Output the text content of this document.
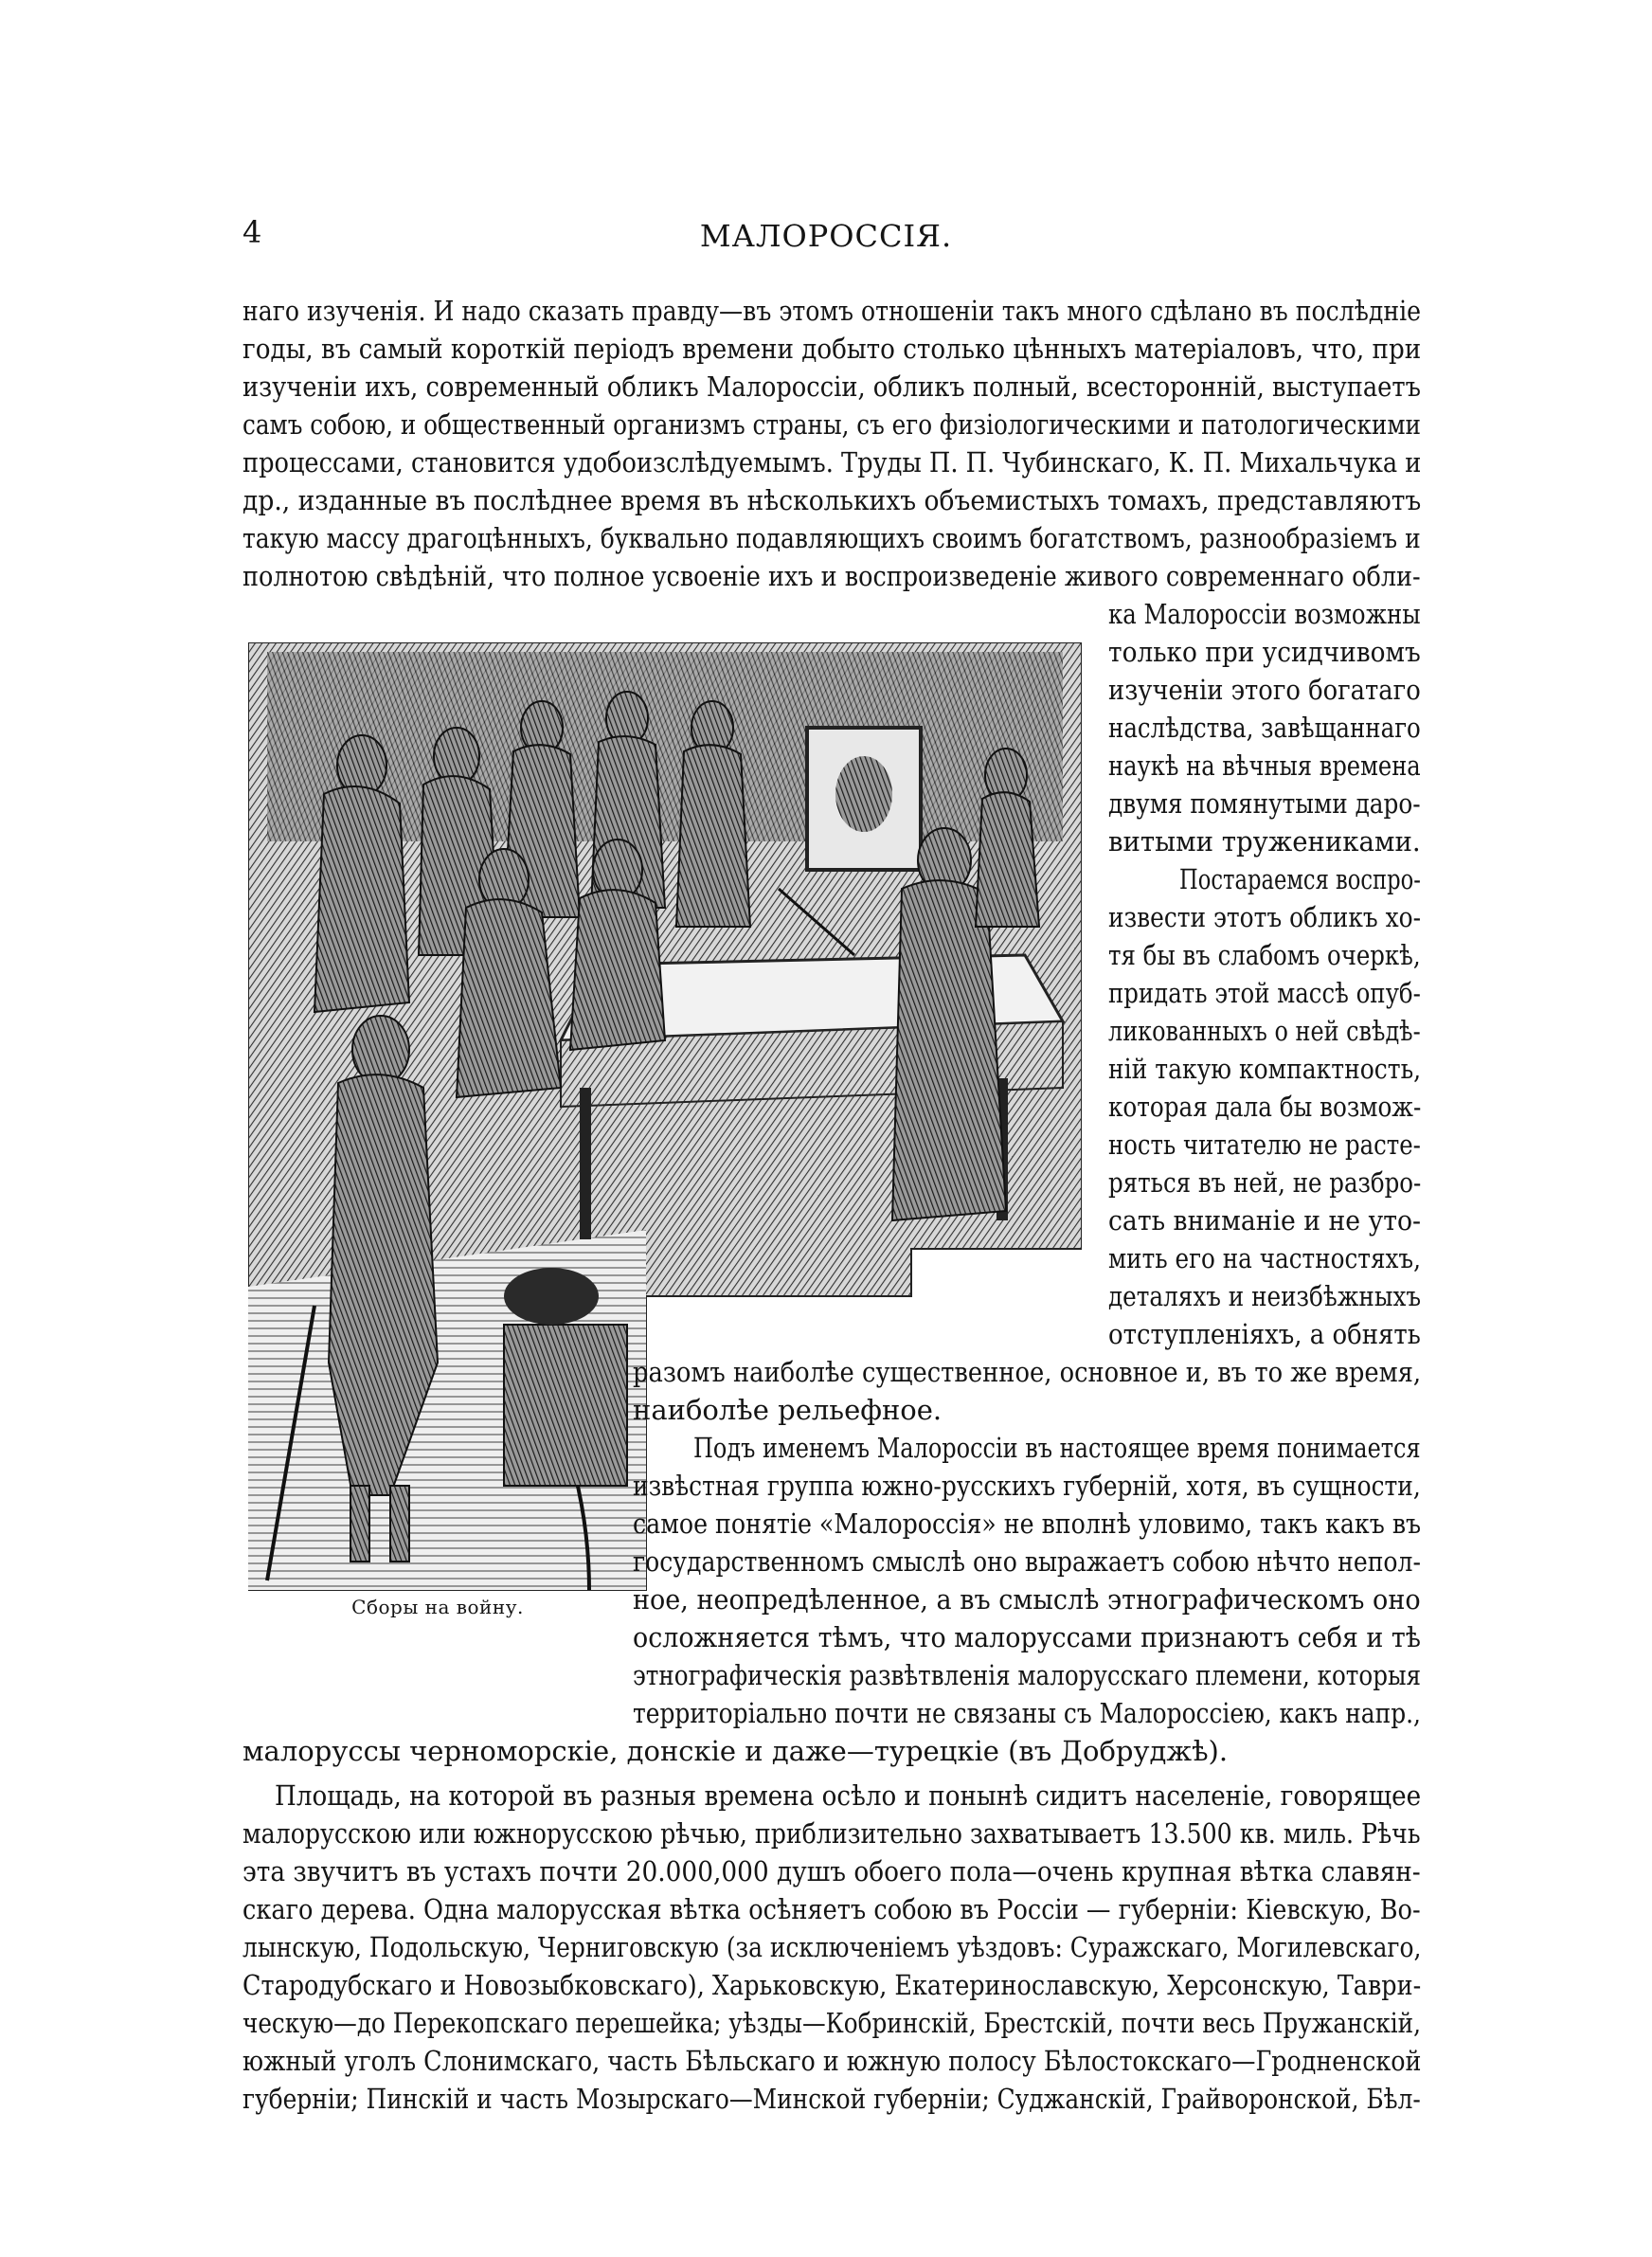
4	МАЛОРОССІЯ.
Сборы на войну.

наго изученія. И надо сказать правду—въ этомъ отношеніи такъ много сдѣлано въ послѣдніе

годы, въ самый короткій періодъ времени добыто столько цѣнныхъ матеріаловъ, что, при

изученіи ихъ, современный обликъ Малороссіи, обликъ полный, всесторонній, выступаетъ

самъ собою, и общественный организмъ страны, съ его физіологическими и патологическими

процессами, становится удобоизслѣдуемымъ. Труды П. П. Чубинскаго, К. П. Михальчука и

др., изданные въ послѣднее время въ нѣсколькихъ объемистыхъ томахъ, представляютъ

такую массу драгоцѣнныхъ, буквально подавляющихъ своимъ богатствомъ, разнообразіемъ и

полнотою свѣдѣній, что полное усвоеніе ихъ и воспроизведеніе живого современнаго обли-

ка Малороссіи возможны

только при усидчивомъ

изученіи этого богатаго

наслѣдства, завѣщаннаго

наукѣ на вѣчныя времена

двумя помянутыми даро-

витыми тружениками.

Постараемся воспро-

извести этотъ обликъ хо-

тя бы въ слабомъ очеркѣ,

придать этой массѣ опуб-

ликованныхъ о ней свѣдѣ-

ній такую компактность,

которая дала бы возмож-

ность читателю не расте-

ряться въ ней, не разбро-

сать вниманіе и не уто-

мить его на частностяхъ,

деталяхъ и неизбѣжныхъ

отступленіяхъ, а обнять

разомъ наиболѣе существенное, основное и, въ то же время,

наиболѣе рельефное.

Подъ именемъ Малороссіи въ настоящее время понимается

извѣстная группа южно-русскихъ губерній, хотя, въ сущности,

самое понятіе «Малороссія» не вполнѣ уловимо, такъ какъ въ

государственномъ смыслѣ оно выражаетъ собою нѣчто непол-

ное, неопредѣленное, а въ смыслѣ этнографическомъ оно

осложняется тѣмъ, что малоруссами признаютъ себя и тѣ

этнографическія развѣтвленія малорусскаго племени, которыя

территоріально почти не связаны съ Малороссіею, какъ напр.,

малоруссы черноморскіе, донскіе и даже—турецкіе (въ Добруджѣ).

Площадь, на которой въ разныя времена осѣло и понынѣ сидитъ населеніе, говорящее

малорусскою или южнорусскою рѣчью, приблизительно захватываетъ 13.500 кв. миль. Рѣчь

эта звучитъ въ устахъ почти 20.000,000 душъ обоего пола—очень крупная вѣтка славян-

скаго дерева. Одна малорусская вѣтка осѣняетъ собою въ Россіи — губерніи: Кіевскую, Во-

лынскую, Подольскую, Черниговскую (за исключеніемъ уѣздовъ: Суражскаго, Могилевскаго,

Стародубскаго и Новозыбковскаго), Харьковскую, Екатеринославскую, Херсонскую, Таври-

ческую—до Перекопскаго перешейка; уѣзды—Кобринскій, Брестскій, почти весь Пружанскій,

южный уголъ Слонимскаго, часть Бѣльскаго и южную полосу Бѣлостокскаго—Гродненской

губерніи; Пинскій и часть Мозырскаго—Минской губерніи; Суджанскій, Грайворонской, Бѣл-
